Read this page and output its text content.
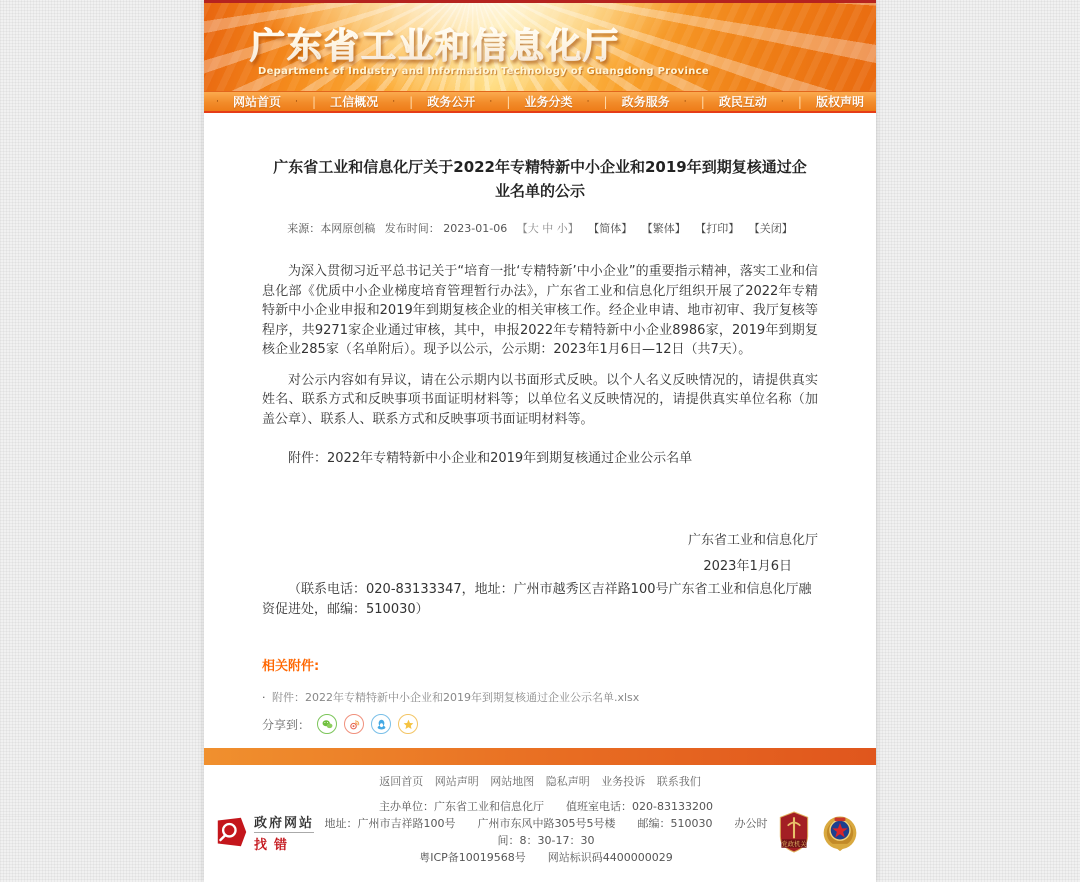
广东省工业和信息化厅
Department of Industry and Information Technology of Guangdong Province
· 网站首页 · | 工信概况 · | 政务公开 · | 业务分类 · | 政务服务 · | 政民互动 · | 版权声明
广东省工业和信息化厅关于2022年专精特新中小企业和2019年到期复核通过企业名单的公示
来源：本网原创稿 发布时间： 2023-01-06 【大 中 小】 【简体】 【繁体】 【打印】 【关闭】

为深入贯彻习近平总书记关于“培育一批‘专精特新’中小企业”的重要指示精神，落实工业和信息化部《优质中小企业梯度培育管理暂行办法》，广东省工业和信息化厅组织开展了2022年专精特新中小企业申报和2019年到期复核企业的相关审核工作。经企业申请、地市初审、我厅复核等程序，共9271家企业通过审核，其中，申报2022年专精特新中小企业8986家，2019年到期复核企业285家（名单附后）。现予以公示，公示期：2023年1月6日—12日（共7天）。

对公示内容如有异议，请在公示期内以书面形式反映。以个人名义反映情况的，请提供真实姓名、联系方式和反映事项书面证明材料等；以单位名义反映情况的，请提供真实单位名称（加盖公章）、联系人、联系方式和反映事项书面证明材料等。

附件：2022年专精特新中小企业和2019年到期复核通过企业公示名单

广东省工业和信息化厅

2023年1月6日

（联系电话：020-83133347，地址：广州市越秀区吉祥路100号广东省工业和信息化厅融资促进处，邮编：510030）

相关附件:
· 附件：2022年专精特新中小企业和2019年到期复核通过企业公示名单.xlsx
分享到：
返回首页 网站声明 网站地图 隐私声明 业务投诉 联系我们
政府网站
找错
主办单位：广东省工业和信息化厅　　值班室电话：020-83133200
地址：广州市吉祥路100号　　广州市东风中路305号5号楼　　邮编：510030　　办公时间：8：30-17：30
粤ICP备10019568号　　网站标识码4400000029
党政机关
